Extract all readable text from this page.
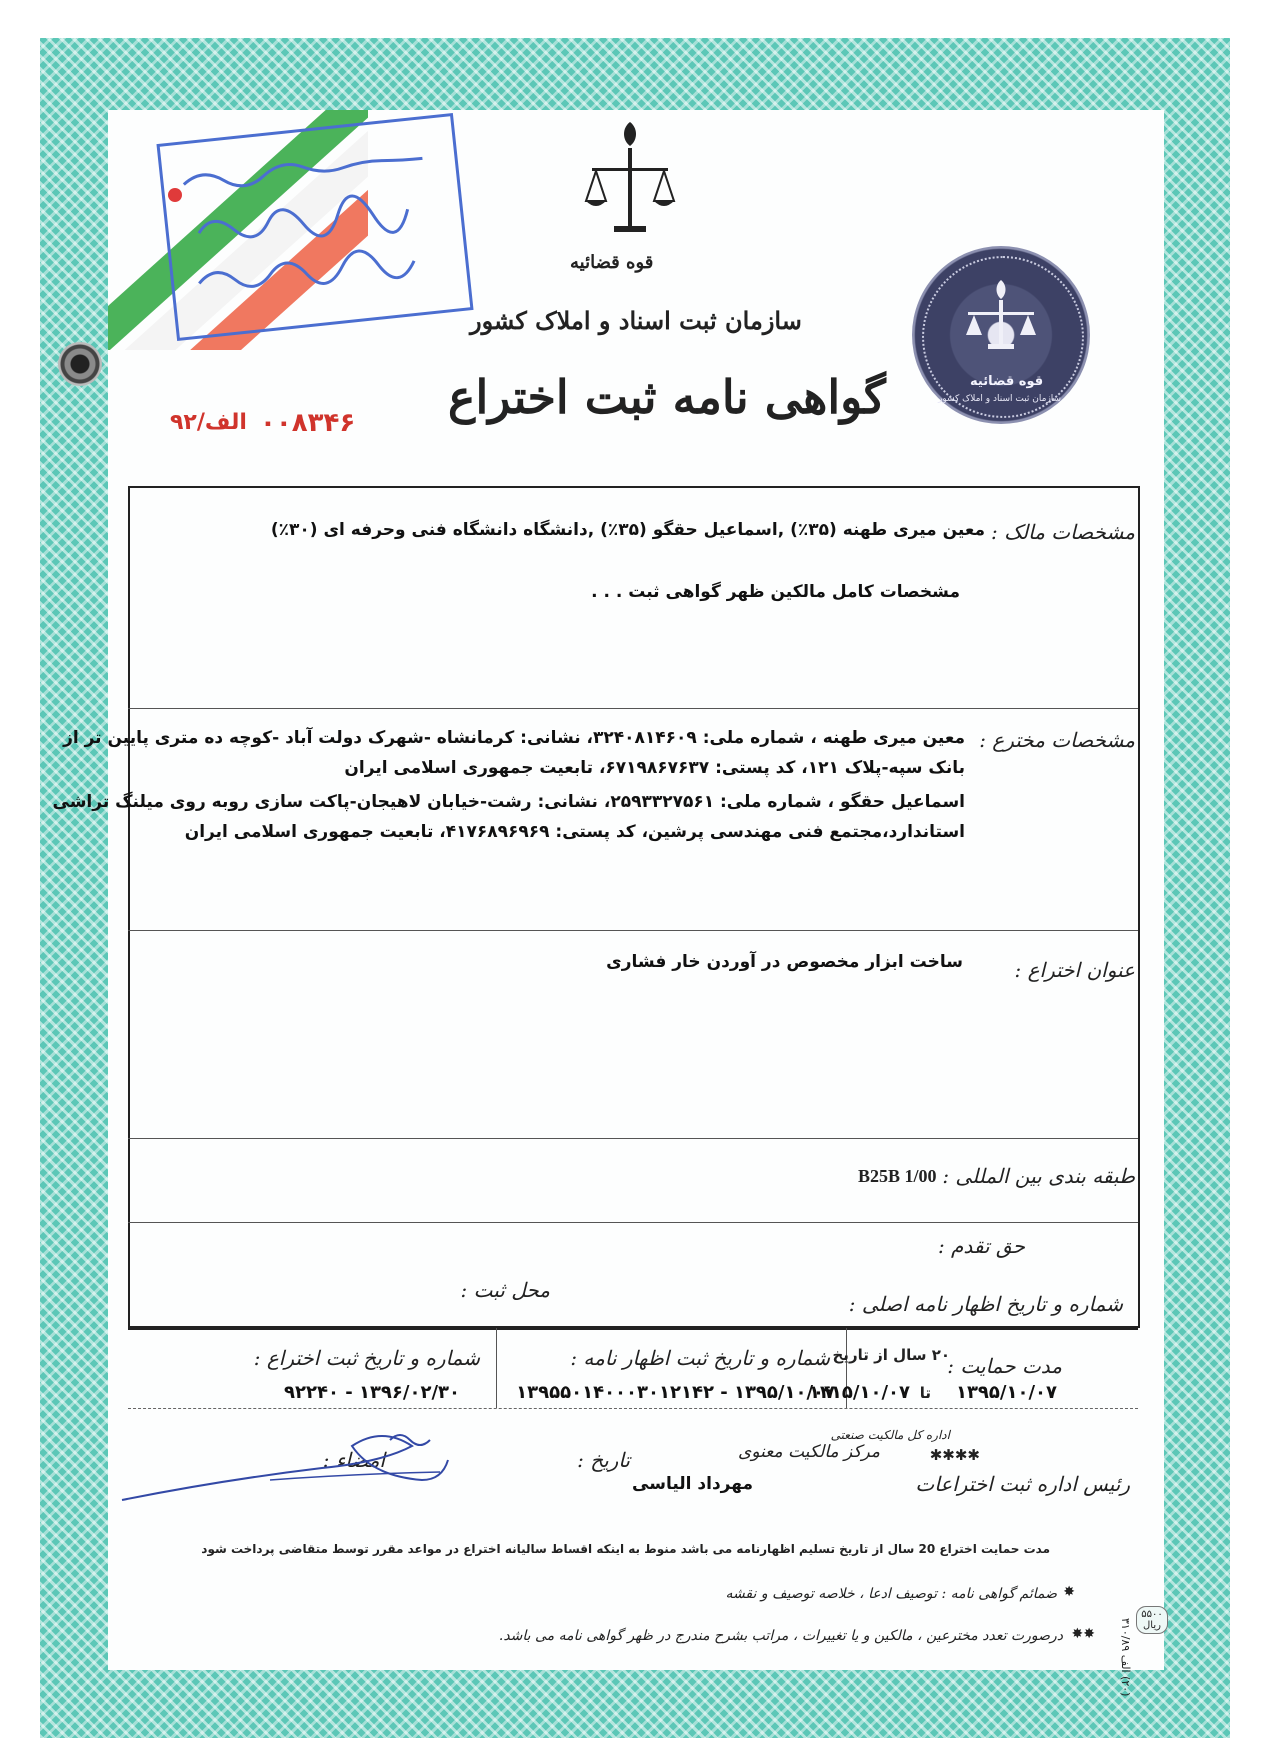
قوه قضائیه
سازمان ثبت اسناد و املاک کشور
گواهی نامه ثبت اختراع
الف/۹۲ ۰۰۸۳۴۶
قوه قضائیه
سازمان ثبت اسناد و املاک کشور
مشخصات مالک :
معین میری طهنه (۳۵٪) ,اسماعیل حقگو (۳۵٪) ,دانشگاه دانشگاه فنی وحرفه ای (۳۰٪)
مشخصات کامل مالکین ظهر گواهی ثبت . . .
مشخصات مخترع :
معین میری طهنه ، شماره ملی: ۳۲۴۰۸۱۴۶۰۹، نشانی: کرمانشاه -شهرک دولت آباد -کوچه ده متری پایین تر از
بانک سپه-پلاک ۱۲۱، کد پستی: ۶۷۱۹۸۶۷۶۳۷، تابعیت جمهوری اسلامی ایران
اسماعیل حقگو ، شماره ملی: ۲۵۹۳۳۲۷۵۶۱، نشانی: رشت-خیابان لاهیجان-پاکت سازی روبه روی میلنگ تراشی
استاندارد،مجتمع فنی مهندسی پرشین، کد پستی: ۴۱۷۶۸۹۶۹۶۹، تابعیت جمهوری اسلامی ایران
عنوان اختراع :
ساخت ابزار مخصوص در آوردن خار فشاری
طبقه بندی بین المللی :
B25B 1/00
حق تقدم :
شماره و تاریخ اظهار نامه اصلی :
محل ثبت :
مدت حمایت :
۲۰ سال از تاریخ
۱۳۹۵/۱۰/۰۷
تا
۱۴۱۵/۱۰/۰۷
شماره و تاریخ ثبت اظهار نامه :
۱۳۹۵/۱۰/۰۷ - ۱۳۹۵۵۰۱۴۰۰۰۳۰۱۲۱۴۲
شماره و تاریخ ثبت اختراع :
۱۳۹۶/۰۲/۳۰ - ۹۲۲۴۰
اداره کل مالکیت صنعتی
✱✱✱✱
مرکز مالکیت معنوی
رئیس اداره ثبت اختراعات
مهرداد الیاسی
تاریخ :
امضاء :
مدت حمایت اختراع 20 سال از تاریخ تسلیم اظهارنامه می باشد منوط به اینکه اقساط سالیانه اختراع در مواعد مقرر توسط متقاضی پرداخت شود
ضمائم گواهی نامه : توصیف ادعا ، خلاصه توصیف و نقشه ✸
درصورت تعدد مخترعین ، مالکین و یا تغییرات ، مراتب بشرح مندرج در ظهر گواهی نامه می باشد. ✸✸	(۲۰) الف ۳۱۰/۸۹
۵۵۰۰ ریال
